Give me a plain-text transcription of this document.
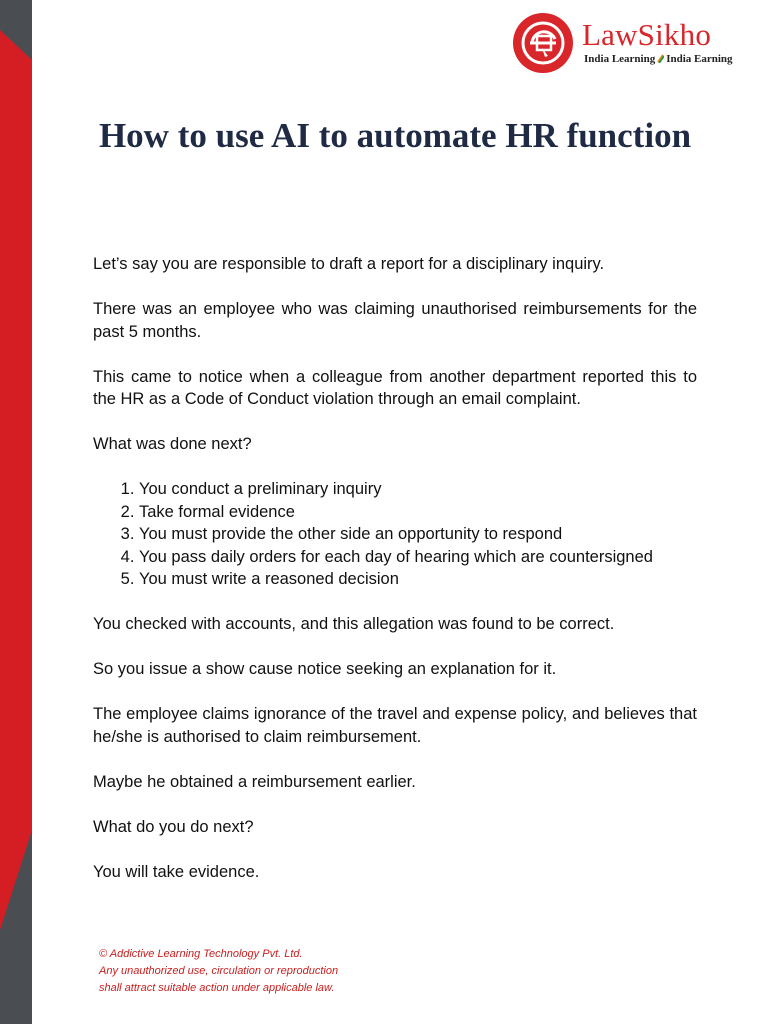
LawSikho
India Learning India Earning
How to use AI to automate HR function

Let’s say you are responsible to draft a report for a disciplinary inquiry.

There was an employee who was claiming unauthorised reimbursements for the past 5 months.

This came to notice when a colleague from another department reported this to the HR as a Code of Conduct violation through an email complaint.

What was done next?

1. You conduct a preliminary inquiry
2. Take formal evidence
3. You must provide the other side an opportunity to respond
4. You pass daily orders for each day of hearing which are countersigned
5. You must write a reasoned decision

You checked with accounts, and this allegation was found to be correct.

So you issue a show cause notice seeking an explanation for it.

The employee claims ignorance of the travel and expense policy, and believes that he/she is authorised to claim reimbursement.

Maybe he obtained a reimbursement earlier.

What do you do next?

You will take evidence.

© Addictive Learning Technology Pvt. Ltd.
Any unauthorized use, circulation or reproduction
shall attract suitable action under applicable law.
